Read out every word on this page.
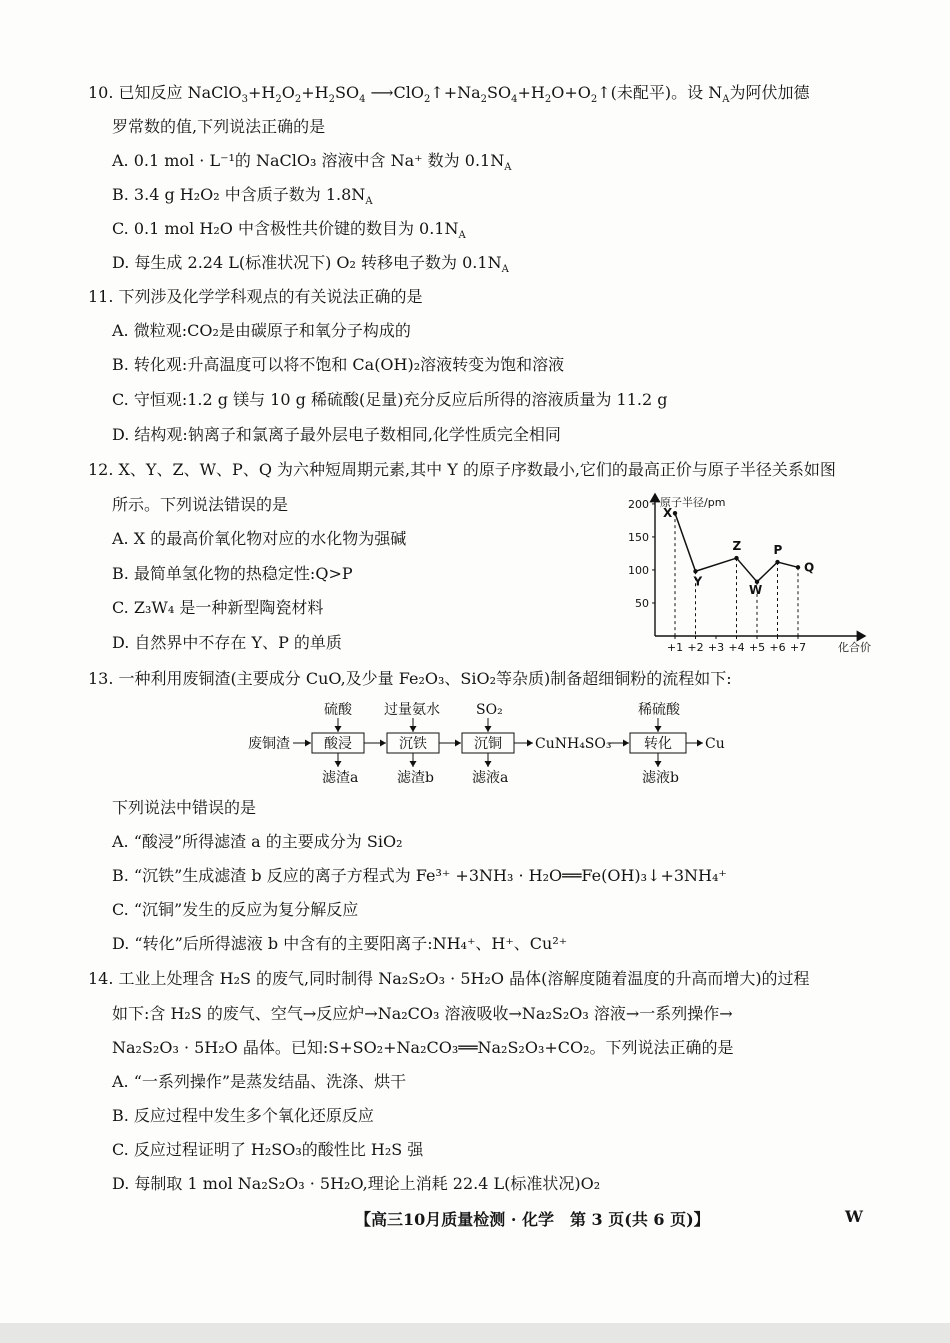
10. 已知反应 $NaClO_3+H_2O_2+H_2SO_4$ $⟶ClO_2↑+Na_2SO_4+H_2O+O_2↑$(未配平)。设 $N_A$为阿伏加德
罗常数的值,下列说法正确的是
A. 0.1 mol · L⁻¹的 NaClO₃ 溶液中含 Na⁺ 数为 $0.1N_A$
B. 3.4 g H₂O₂ 中含质子数为 $1.8N_A$
C. 0.1 mol H₂O 中含极性共价键的数目为 $0.1N_A$
D. 每生成 2.24 L(标准状况下) O₂ 转移电子数为 $0.1N_A$
11. 下列涉及化学学科观点的有关说法正确的是
A. 微粒观:CO₂是由碳原子和氧分子构成的
B. 转化观:升高温度可以将不饱和 Ca(OH)₂溶液转变为饱和溶液
C. 守恒观:1.2 g 镁与 10 g 稀硫酸(足量)充分反应后所得的溶液质量为 11.2 g
D. 结构观:钠离子和氯离子最外层电子数相同,化学性质完全相同
12. X、Y、Z、W、P、Q 为六种短周期元素,其中 Y 的原子序数最小,它们的最高正价与原子半径关系如图
所示。下列说法错误的是
A. X 的最高价氧化物对应的水化物为强碱
B. 最简单氢化物的热稳定性:Q>P
C. Z₃W₄ 是一种新型陶瓷材料
D. 自然界中不存在 Y、P 的单质
原子半径/pm
化合价
200
150
100
50
+1 +2 +3 +4 +5 +6 +7
X
Y
Z
W
P
Q
13. 一种利用废铜渣(主要成分 CuO,及少量 Fe₂O₃、SiO₂等杂质)制备超细铜粉的流程如下:
废铜渣 酸浸
硫酸
滤渣a
沉铁
过量氨水
滤渣b
沉铜
SO₂
滤液a
CuNH₄SO₃ 转化
稀硫酸
滤液b
Cu
下列说法中错误的是
A. “酸浸”所得滤渣 a 的主要成分为 SiO₂
B. “沉铁”生成滤渣 b 反应的离子方程式为 Fe³⁺ +3NH₃ · H₂O══Fe(OH)₃↓+3NH₄⁺
C. “沉铜”发生的反应为复分解反应
D. “转化”后所得滤液 b 中含有的主要阳离子:NH₄⁺、H⁺、Cu²⁺
14. 工业上处理含 H₂S 的废气,同时制得 Na₂S₂O₃ · 5H₂O 晶体(溶解度随着温度的升高而增大)的过程
如下:含 H₂S 的废气、空气→反应炉→Na₂CO₃ 溶液吸收→Na₂S₂O₃ 溶液→一系列操作→
Na₂S₂O₃ · 5H₂O 晶体。已知:S+SO₂+Na₂CO₃══Na₂S₂O₃+CO₂。下列说法正确的是
A. “一系列操作”是蒸发结晶、洗涤、烘干
B. 反应过程中发生多个氧化还原反应
C. 反应过程证明了 H₂SO₃的酸性比 H₂S 强
D. 每制取 1 mol Na₂S₂O₃ · 5H₂O,理论上消耗 22.4 L(标准状况)O₂
【高三10月质量检测 · 化学　第 3 页(共 6 页)】	W
